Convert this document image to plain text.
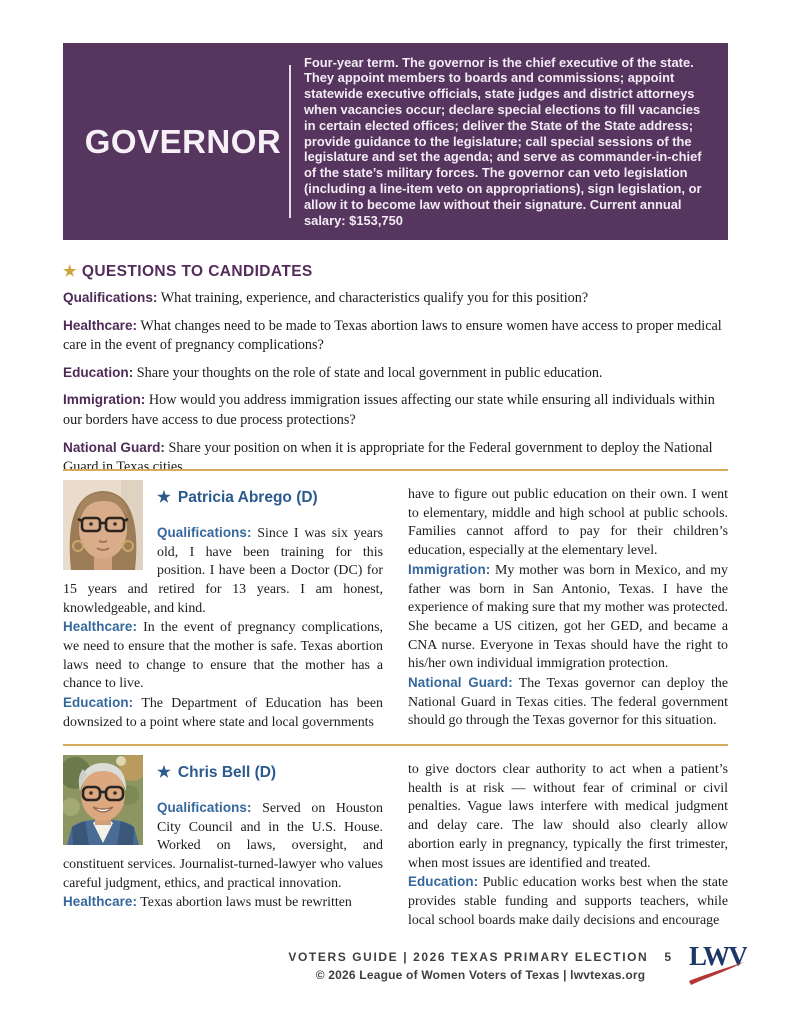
GOVERNOR
Four-year term. The governor is the chief executive of the state. They appoint members to boards and commissions; appoint statewide executive officials, state judges and district attorneys when vacancies occur; declare special elections to fill vacancies in certain elected offices; deliver the State of the State address; provide guidance to the legislature; call special sessions of the legislature and set the agenda; and serve as commander-in-chief of the state’s military forces. The governor can veto legislation (including a line-item veto on appropriations), sign legislation, or allow it to become law without their signature. Current annual salary: $153,750
★ QUESTIONS TO CANDIDATES

Qualifications: What training, experience, and characteristics qualify you for this position?

Healthcare: What changes need to be made to Texas abortion laws to ensure women have access to proper medical care in the event of pregnancy complications?

Education: Share your thoughts on the role of state and local government in public education.

Immigration: How would you address immigration issues affecting our state while ensuring all individuals within our borders have access to due process protections?

National Guard: Share your position on when it is appropriate for the Federal government to deploy the National Guard in Texas cities.

★ Patricia Abrego (D)

Qualifications: Since I was six years old, I have been training for this position. I have been a Doctor (DC) for 15 years and retired for 13 years. I am honest, knowledgeable, and kind.

Healthcare: In the event of pregnancy complications, we need to ensure that the mother is safe. Texas abortion laws need to change to ensure that the mother has a chance to live.

Education: The Department of Education has been downsized to a point where state and local governments

have to figure out public education on their own. I went to elementary, middle and high school at public schools. Families cannot afford to pay for their children’s education, especially at the elementary level.

Immigration: My mother was born in Mexico, and my father was born in San Antonio, Texas. I have the experience of making sure that my mother was protected. She became a US citizen, got her GED, and became a CNA nurse. Everyone in Texas should have the right to his/her own individual immigration protection.

National Guard: The Texas governor can deploy the National Guard in Texas cities. The federal government should go through the Texas governor for this situation.

★ Chris Bell (D)

Qualifications: Served on Houston City Council and in the U.S. House. Worked on laws, oversight, and constituent services. Journalist-turned-lawyer who values careful judgment, ethics, and practical innovation.

Healthcare: Texas abortion laws must be rewritten

to give doctors clear authority to act when a patient’s health is at risk — without fear of criminal or civil penalties. Vague laws interfere with medical judgment and delay care. The law should also clearly allow abortion early in pregnancy, typically the first trimester, when most issues are identified and treated.

Education: Public education works best when the state provides stable funding and supports teachers, while local school boards make daily decisions and encourage

VOTERS GUIDE | 2026 TEXAS PRIMARY ELECTION 5
© 2026 League of Women Voters of Texas | lwvtexas.org
LWV
